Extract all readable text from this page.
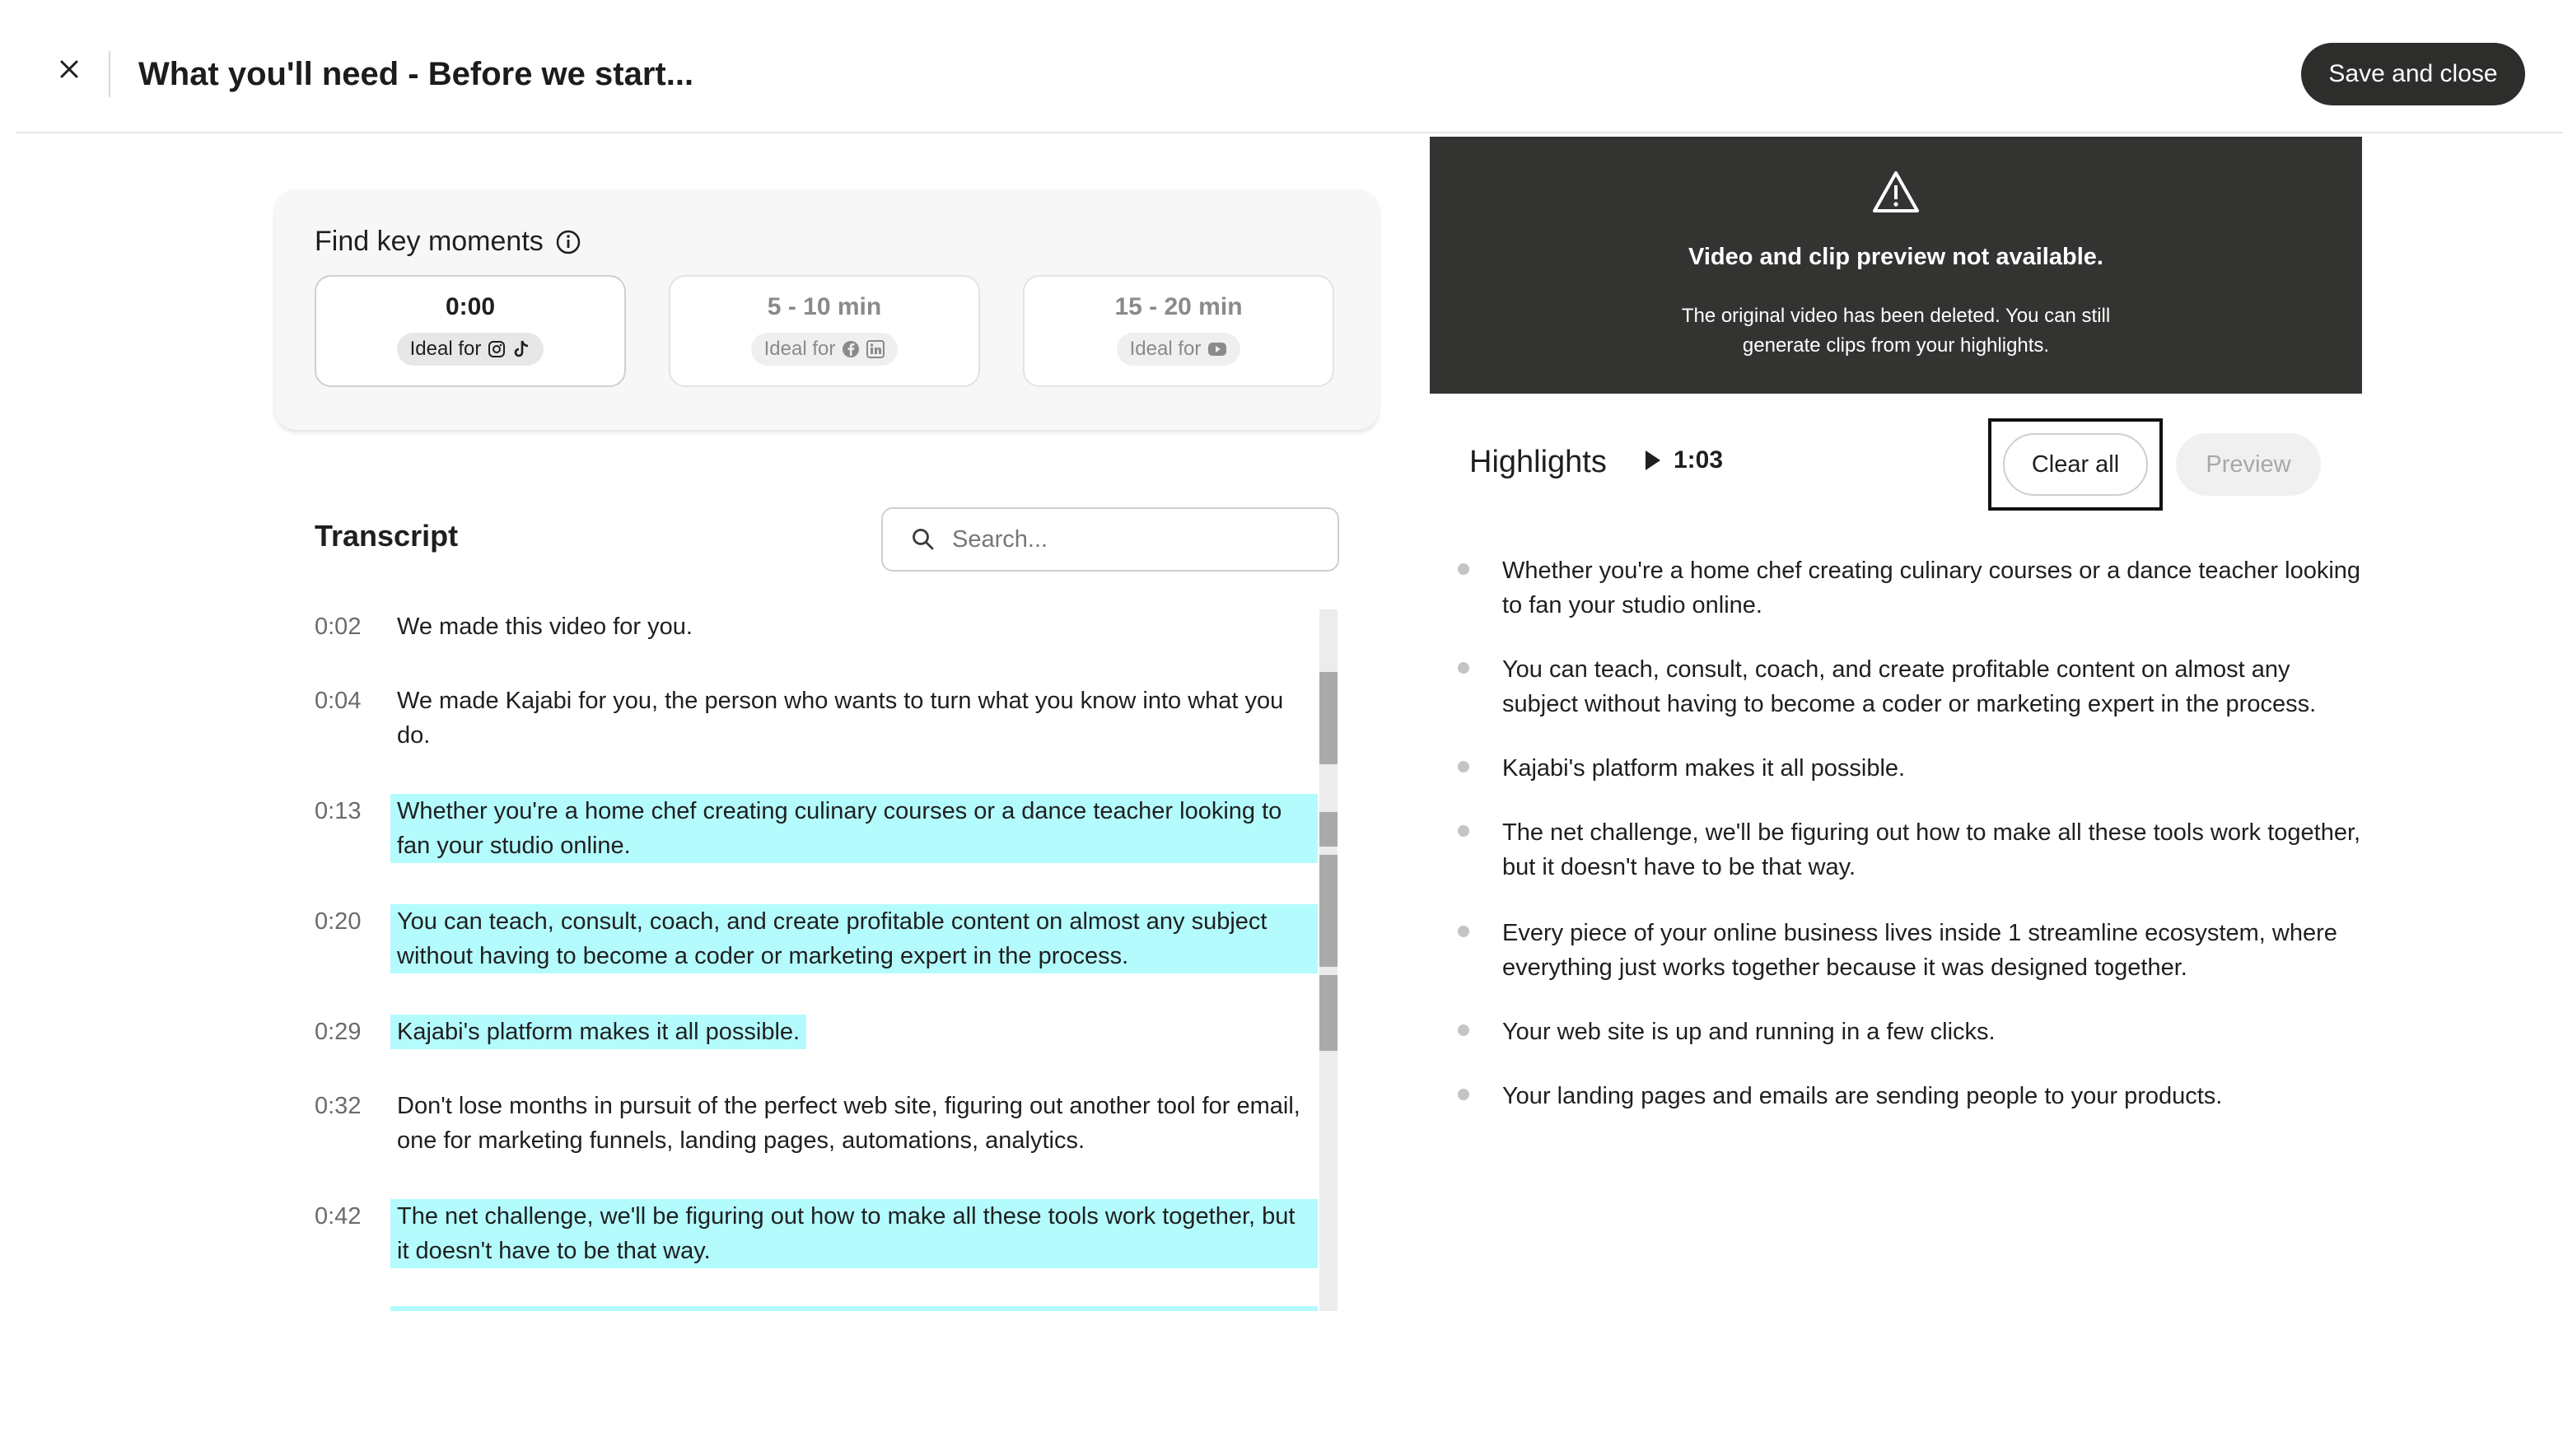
What you'll need - Before we start...	Save and close
Find key moments
0:00
Ideal for
5 - 10 min
Ideal for
15 - 20 min
Ideal for
Transcript
Search...
0:02 We made this video for you.
0:04 We made Kajabi for you, the person who wants to turn what you know into what you do.
0:13 Whether you're a home chef creating culinary courses or a dance teacher looking to fan your studio online.
0:20 You can teach, consult, coach, and create profitable content on almost any subject without having to become a coder or marketing expert in the process.
0:29 Kajabi's platform makes it all possible.
0:32 Don't lose months in pursuit of the perfect web site, figuring out another tool for email, one for marketing funnels, landing pages, automations, analytics.
0:42 The net challenge, we'll be figuring out how to make all these tools work together, but it doesn't have to be that way.
Video and clip preview not available.
The original video has been deleted. You can still
generate clips from your highlights.
Highlights	1:03	Clear all	Preview
Whether you're a home chef creating culinary courses or a dance teacher looking to fan your studio online.
You can teach, consult, coach, and create profitable content on almost any subject without having to become a coder or marketing expert in the process.
Kajabi's platform makes it all possible.
The net challenge, we'll be figuring out how to make all these tools work together, but it doesn't have to be that way.
Every piece of your online business lives inside 1 streamline ecosystem, where everything just works together because it was designed together.
Your web site is up and running in a few clicks.
Your landing pages and emails are sending people to your products.
